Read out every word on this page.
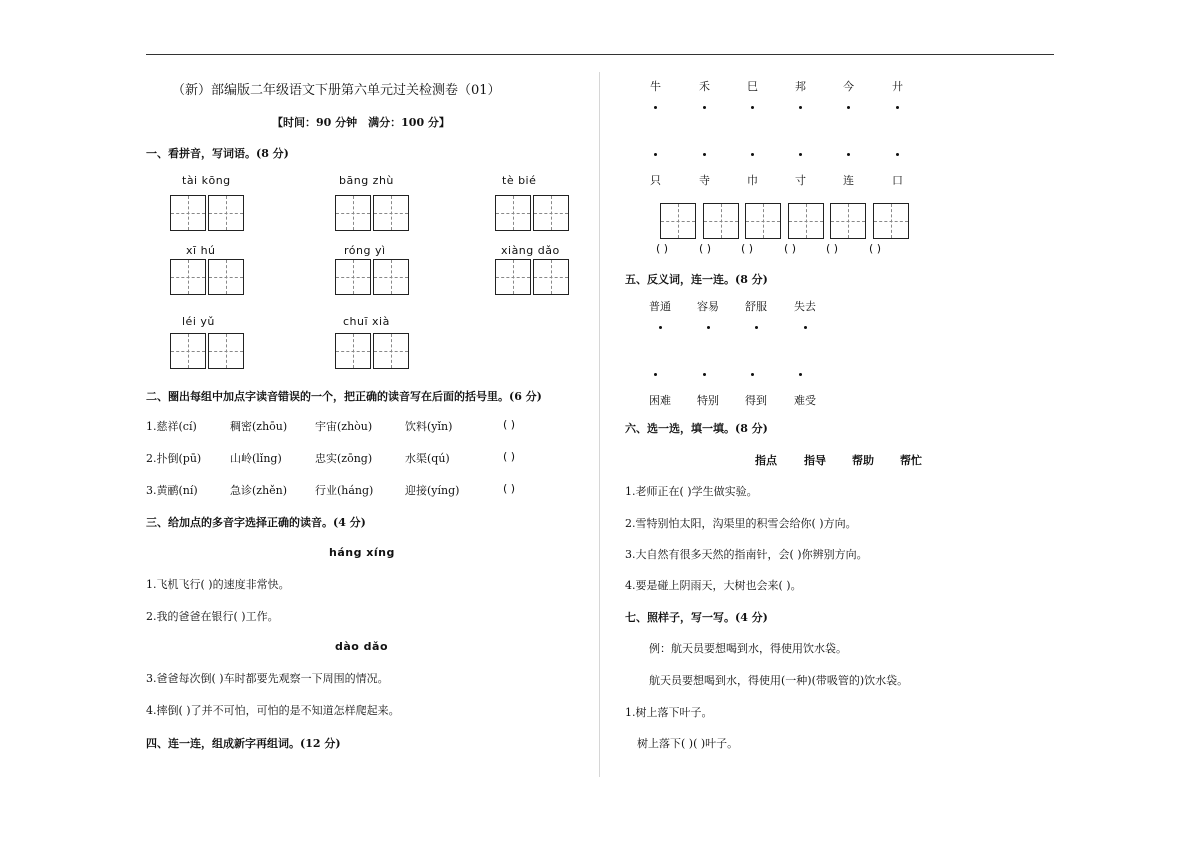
（新）部编版二年级语文下册第六单元过关检测卷（01）
【时间：90 分钟　满分：100 分】
一、看拼音，写词语。(8 分)
tài kōng	bāng zhù	tè bié
xī hú	róng yì	xiàng dǎo
léi yǔ	chuī xià
二、圈出每组中加点字读音错误的一个，把正确的读音写在后面的括号里。(6 分)
1.慈祥(cí)	稠密(zhōu)	宇宙(zhòu)	饮料(yǐn)	( )
2.扑倒(pū)	山岭(lǐng)	忠实(zōng)	水渠(qú)	( )
3.黄鹂(ní)	急诊(zhěn)	行业(háng)	迎接(yíng)	( )
三、给加点的多音字选择正确的读音。(4 分)
háng xíng
1.飞机飞行( )的速度非常快。
2.我的爸爸在银行( )工作。
dào dǎo
3.爸爸每次倒( )车时都要先观察一下周围的情况。
4.摔倒( )了并不可怕，可怕的是不知道怎样爬起来。
四、连一连，组成新字再组词。(12 分)
牛	禾	巳	邦	今	廾
只	寺	巾	寸	连	口
( )	( )	( )	( )	( )	( )
五、反义词，连一连。(8 分)
普通 容易 舒服 失去
困难 特别 得到 难受
六、选一选，填一填。(8 分)
指点 指导 帮助 帮忙
1.老师正在( )学生做实验。
2.雪特别怕太阳，沟渠里的积雪会给你( )方向。
3.大自然有很多天然的指南针，会( )你辨别方向。
4.要是碰上阴雨天，大树也会来( )。
七、照样子，写一写。(4 分)
例：航天员要想喝到水，得使用饮水袋。
航天员要想喝到水，得使用(一种)(带吸管的)饮水袋。
1.树上落下叶子。
树上落下( )( )叶子。
